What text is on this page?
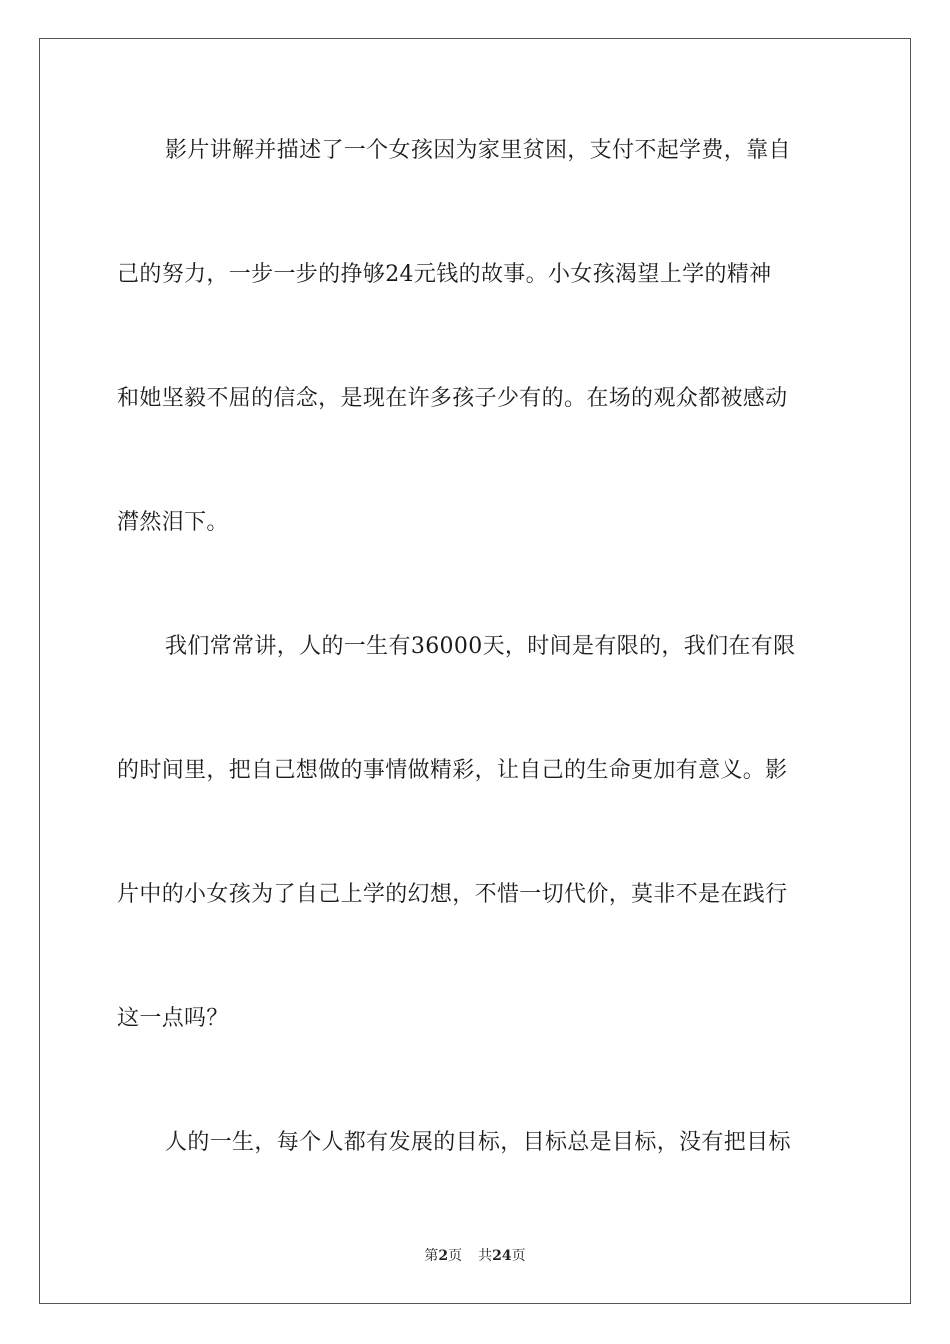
影片讲解并描述了一个女孩因为家里贫困，支付不起学费，靠自
己的努力，一步一步的挣够24元钱的故事。小女孩渴望上学的精神
和她坚毅不屈的信念，是现在许多孩子少有的。在场的观众都被感动
潸然泪下。
我们常常讲，人的一生有36000天，时间是有限的，我们在有限
的时间里，把自己想做的事情做精彩，让自己的生命更加有意义。影
片中的小女孩为了自己上学的幻想，不惜一切代价，莫非不是在践行
这一点吗？
人的一生，每个人都有发展的目标，目标总是目标，没有把目标
第2页 共24页
